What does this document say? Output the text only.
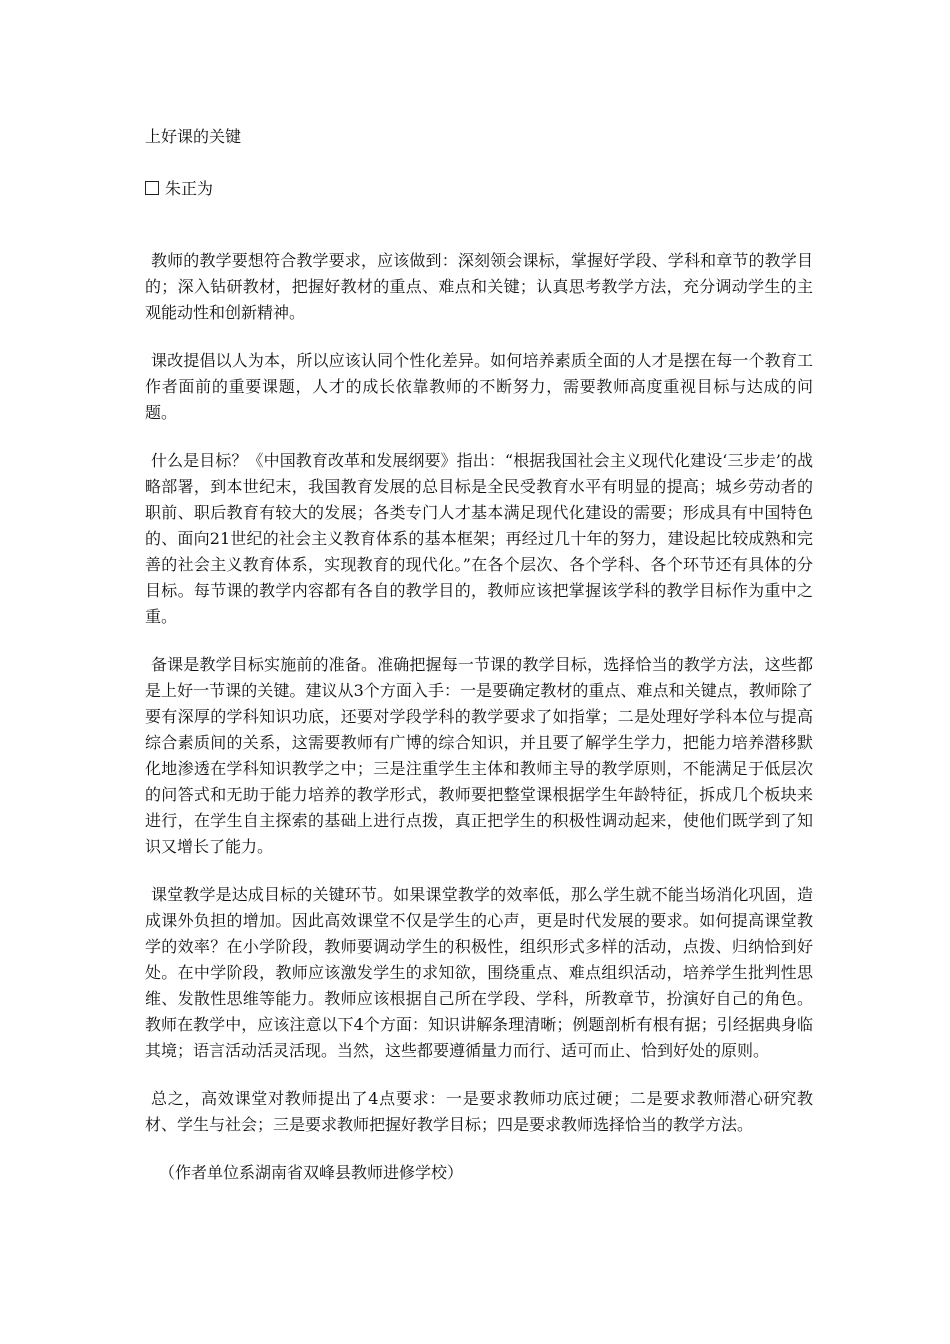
上好课的关键

朱正为

教师的教学要想符合教学要求，应该做到：深刻领会课标，掌握好学段、学科和章节的教学目的；深入钻研教材，把握好教材的重点、难点和关键；认真思考教学方法，充分调动学生的主观能动性和创新精神。

课改提倡以人为本，所以应该认同个性化差异。如何培养素质全面的人才是摆在每一个教育工作者面前的重要课题，人才的成长依靠教师的不断努力，需要教师高度重视目标与达成的问题。

什么是目标？《中国教育改革和发展纲要》指出：“根据我国社会主义现代化建设‘三步走’的战略部署，到本世纪末，我国教育发展的总目标是全民受教育水平有明显的提高；城乡劳动者的职前、职后教育有较大的发展；各类专门人才基本满足现代化建设的需要；形成具有中国特色的、面向21世纪的社会主义教育体系的基本框架；再经过几十年的努力，建设起比较成熟和完善的社会主义教育体系，实现教育的现代化。”在各个层次、各个学科、各个环节还有具体的分目标。每节课的教学内容都有各自的教学目的，教师应该把掌握该学科的教学目标作为重中之重。

备课是教学目标实施前的准备。准确把握每一节课的教学目标，选择恰当的教学方法，这些都是上好一节课的关键。建议从3个方面入手：一是要确定教材的重点、难点和关键点，教师除了要有深厚的学科知识功底，还要对学段学科的教学要求了如指掌；二是处理好学科本位与提高综合素质间的关系，这需要教师有广博的综合知识，并且要了解学生学力，把能力培养潜移默化地渗透在学科知识教学之中；三是注重学生主体和教师主导的教学原则，不能满足于低层次的问答式和无助于能力培养的教学形式，教师要把整堂课根据学生年龄特征，拆成几个板块来进行，在学生自主探索的基础上进行点拨，真正把学生的积极性调动起来，使他们既学到了知识又增长了能力。

课堂教学是达成目标的关键环节。如果课堂教学的效率低，那么学生就不能当场消化巩固，造成课外负担的增加。因此高效课堂不仅是学生的心声，更是时代发展的要求。如何提高课堂教学的效率？在小学阶段，教师要调动学生的积极性，组织形式多样的活动，点拨、归纳恰到好处。在中学阶段，教师应该激发学生的求知欲，围绕重点、难点组织活动，培养学生批判性思维、发散性思维等能力。教师应该根据自己所在学段、学科，所教章节，扮演好自己的角色。教师在教学中，应该注意以下4个方面：知识讲解条理清晰；例题剖析有根有据；引经据典身临其境；语言活动活灵活现。当然，这些都要遵循量力而行、适可而止、恰到好处的原则。

总之，高效课堂对教师提出了4点要求：一是要求教师功底过硬；二是要求教师潜心研究教材、学生与社会；三是要求教师把握好教学目标；四是要求教师选择恰当的教学方法。

（作者单位系湖南省双峰县教师进修学校）
